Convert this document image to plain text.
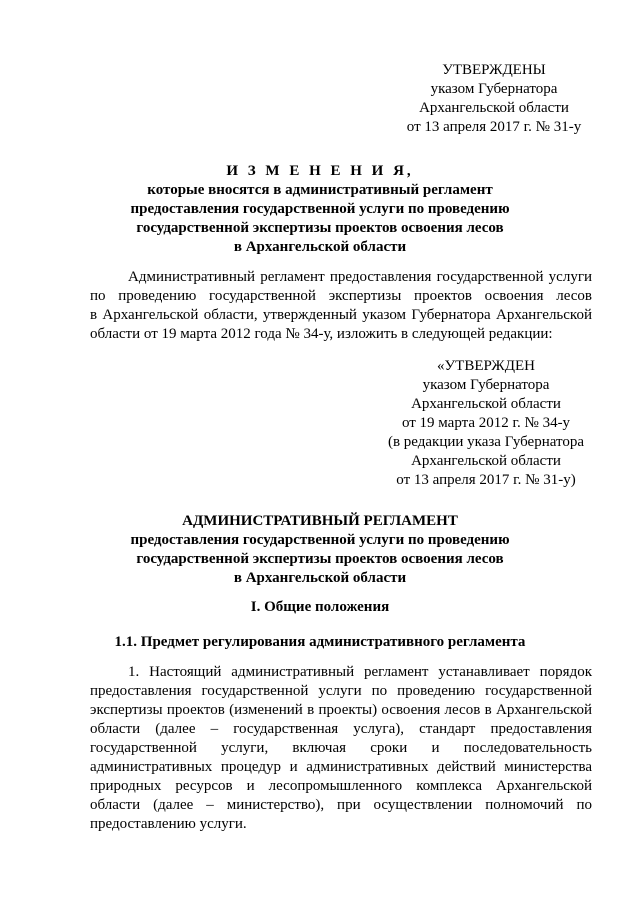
УТВЕРЖДЕНЫ
указом Губернатора
Архангельской области
от 13 апреля 2017 г. № 31-у
И З М Е Н Е Н И Я,
которые вносятся в административный регламент
предоставления государственной услуги по проведению
государственной экспертизы проектов освоения лесов
в Архангельской области
Административный регламент предоставления государственной услуги
по проведению государственной экспертизы проектов освоения лесов
в Архангельской области, утвержденный указом Губернатора Архангельской
области от 19 марта 2012 года № 34-у, изложить в следующей редакции:
«УТВЕРЖДЕН
указом Губернатора
Архангельской области
от 19 марта 2012 г. № 34-у
(в редакции указа Губернатора
Архангельской области
от 13 апреля 2017 г. № 31-у)
АДМИНИСТРАТИВНЫЙ РЕГЛАМЕНТ
предоставления государственной услуги по проведению
государственной экспертизы проектов освоения лесов
в Архангельской области
I. Общие положения
1.1. Предмет регулирования административного регламента
1. Настоящий административный регламент устанавливает порядок
предоставления государственной услуги по проведению государственной
экспертизы проектов (изменений в проекты) освоения лесов в Архангельской
области (далее – государственная услуга), стандарт предоставления
государственной услуги, включая сроки и последовательность
административных процедур и административных действий министерства
природных ресурсов и лесопромышленного комплекса Архангельской
области (далее – министерство), при осуществлении полномочий по
предоставлению услуги.
